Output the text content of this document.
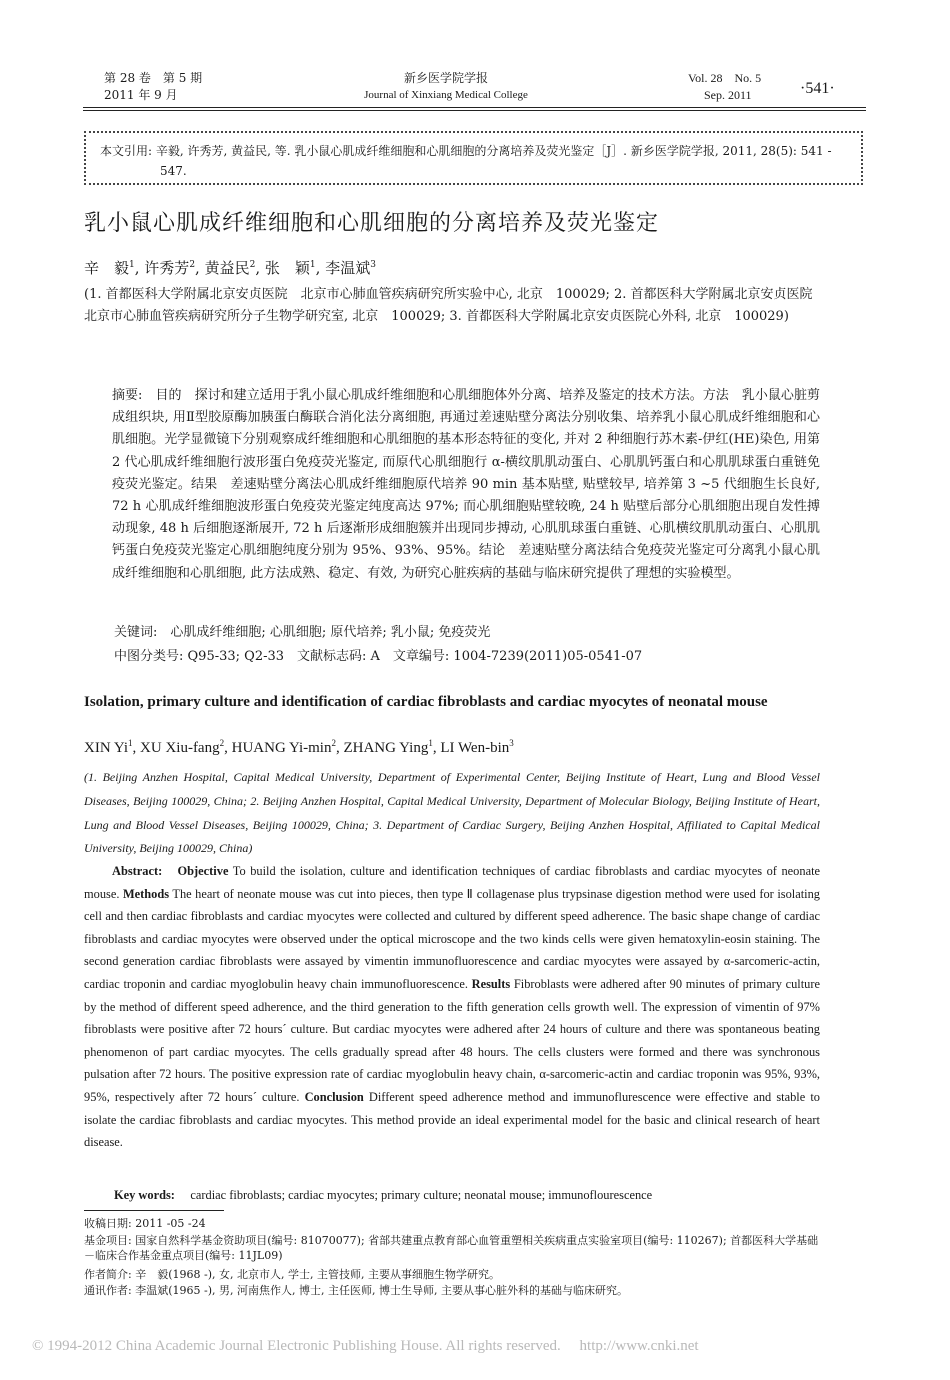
第 28 卷　第 5 期
2011 年 9 月
新乡医学院学报
Journal of Xinxiang Medical College
Vol. 28　No. 5
Sep. 2011	·541·
本文引用: 辛毅, 许秀芳, 黄益民, 等. 乳小鼠心肌成纤维细胞和心肌细胞的分离培养及荧光鉴定［J］. 新乡医学院学报, 2011, 28(5): 541 -
547.
乳小鼠心肌成纤维细胞和心肌细胞的分离培养及荧光鉴定
辛　毅$^1$, 许秀芳$^2$, 黄益民$^2$, 张　颖$^1$, 李温斌$^3$
(1. 首都医科大学附属北京安贞医院　北京市心肺血管疾病研究所实验中心, 北京　100029; 2. 首都医科大学附属北京安贞医院　北京市心肺血管疾病研究所分子生物学研究室, 北京　100029; 3. 首都医科大学附属北京安贞医院心外科, 北京　100029)
摘要:　目的　探讨和建立适用于乳小鼠心肌成纤维细胞和心肌细胞体外分离、培养及鉴定的技术方法。方法　乳小鼠心脏剪成组织块, 用Ⅱ型胶原酶加胰蛋白酶联合消化法分离细胞, 再通过差速贴壁分离法分别收集、培养乳小鼠心肌成纤维细胞和心肌细胞。光学显微镜下分别观察成纤维细胞和心肌细胞的基本形态特征的变化, 并对 2 种细胞行苏木素-伊红(HE)染色, 用第 2 代心肌成纤维细胞行波形蛋白免疫荧光鉴定, 而原代心肌细胞行 α-横纹肌肌动蛋白、心肌肌钙蛋白和心肌肌球蛋白重链免疫荧光鉴定。结果　差速贴壁分离法心肌成纤维细胞原代培养 90 min 基本贴壁, 贴壁较早, 培养第 3 ~5 代细胞生长良好, 72 h 心肌成纤维细胞波形蛋白免疫荧光鉴定纯度高达 97%; 而心肌细胞贴壁较晚, 24 h 贴壁后部分心肌细胞出现自发性搏动现象, 48 h 后细胞逐渐展开, 72 h 后逐渐形成细胞簇并出现同步搏动, 心肌肌球蛋白重链、心肌横纹肌肌动蛋白、心肌肌钙蛋白免疫荧光鉴定心肌细胞纯度分别为 95%、93%、95%。结论　差速贴壁分离法结合免疫荧光鉴定可分离乳小鼠心肌成纤维细胞和心肌细胞, 此方法成熟、稳定、有效, 为研究心脏疾病的基础与临床研究提供了理想的实验模型。
关键词:　心肌成纤维细胞; 心肌细胞; 原代培养; 乳小鼠; 免疫荧光
中图分类号: Q95-33; Q2-33　文献标志码: A　文章编号: 1004-7239(2011)05-0541-07
Isolation, primary culture and identification of cardiac fibroblasts and cardiac myocytes of neonatal mouse
XIN Yi$^1$, XU Xiu-fang$^2$, HUANG $Yi-\min^2$, ZHANG Ying$^1$, LI Wen-bin$^3$
(1. Beijing Anzhen Hospital, Capital Medical University, Department of Experimental Center, Beijing Institute of Heart, Lung and Blood Vessel Diseases, Beijing 100029, China; 2. Beijing Anzhen Hospital, Capital Medical University, Department of Molecular Biology, Beijing Institute of Heart, Lung and Blood Vessel Diseases, Beijing 100029, China; 3. Department of Cardiac Surgery, Beijing Anzhen Hospital, Affiliated to Capital Medical University, Beijing 100029, China)
Abstract:　 Objective To build the isolation, culture and identification techniques of cardiac fibroblasts and cardiac myocytes of neonate mouse. Methods The heart of neonate mouse was cut into pieces, then type Ⅱ collagenase plus trypsinase digestion method were used for isolating cell and then cardiac fibroblasts and cardiac myocytes were collected and cultured by different speed adherence. The basic shape change of cardiac fibroblasts and cardiac myocytes were observed under the optical microscope and the two kinds cells were given hematoxylin-eosin staining. The second generation cardiac fibroblasts were assayed by vimentin immunofluorescence and cardiac myocytes were assayed by α-sarcomeric-actin, cardiac troponin and cardiac myoglobulin heavy chain immunofluorescence. Results Fibroblasts were adhered after 90 minutes of primary culture by the method of different speed adherence, and the third generation to the fifth generation cells growth well. The expression of vimentin of 97% fibroblasts were positive after 72 hours´ culture. But cardiac myocytes were adhered after 24 hours of culture and there was spontaneous beating phenomenon of part cardiac myocytes. The cells gradually spread after 48 hours. The cells clusters were formed and there was synchronous pulsation after 72 hours. The positive expression rate of cardiac myoglobulin heavy chain, α-sarcomeric-actin and cardiac troponin was 95%, 93%, 95%, respectively after 72 hours´ culture. Conclusion Different speed adherence method and immunoflurescence were effective and stable to isolate the cardiac fibroblasts and cardiac myocytes. This method provide an ideal experimental model for the basic and clinical research of heart disease.
Key words:　 cardiac fibroblasts; cardiac myocytes; primary culture; neonatal mouse; immunoflourescence
收稿日期: 2011 -05 -24
基金项目: 国家自然科学基金资助项目(编号: 81070077); 省部共建重点教育部心血管重塑相关疾病重点实验室项目(编号: 110267); 首都医科大学基础－临床合作基金重点项目(编号: 11JL09)
作者简介: 辛　毅(1968 -), 女, 北京市人, 学士, 主管技师, 主要从事细胞生物学研究。
通讯作者: 李温斌(1965 -), 男, 河南焦作人, 博士, 主任医师, 博士生导师, 主要从事心脏外科的基础与临床研究。
© 1994-2012 China Academic Journal Electronic Publishing House. All rights reserved.　 http://www.cnki.net
